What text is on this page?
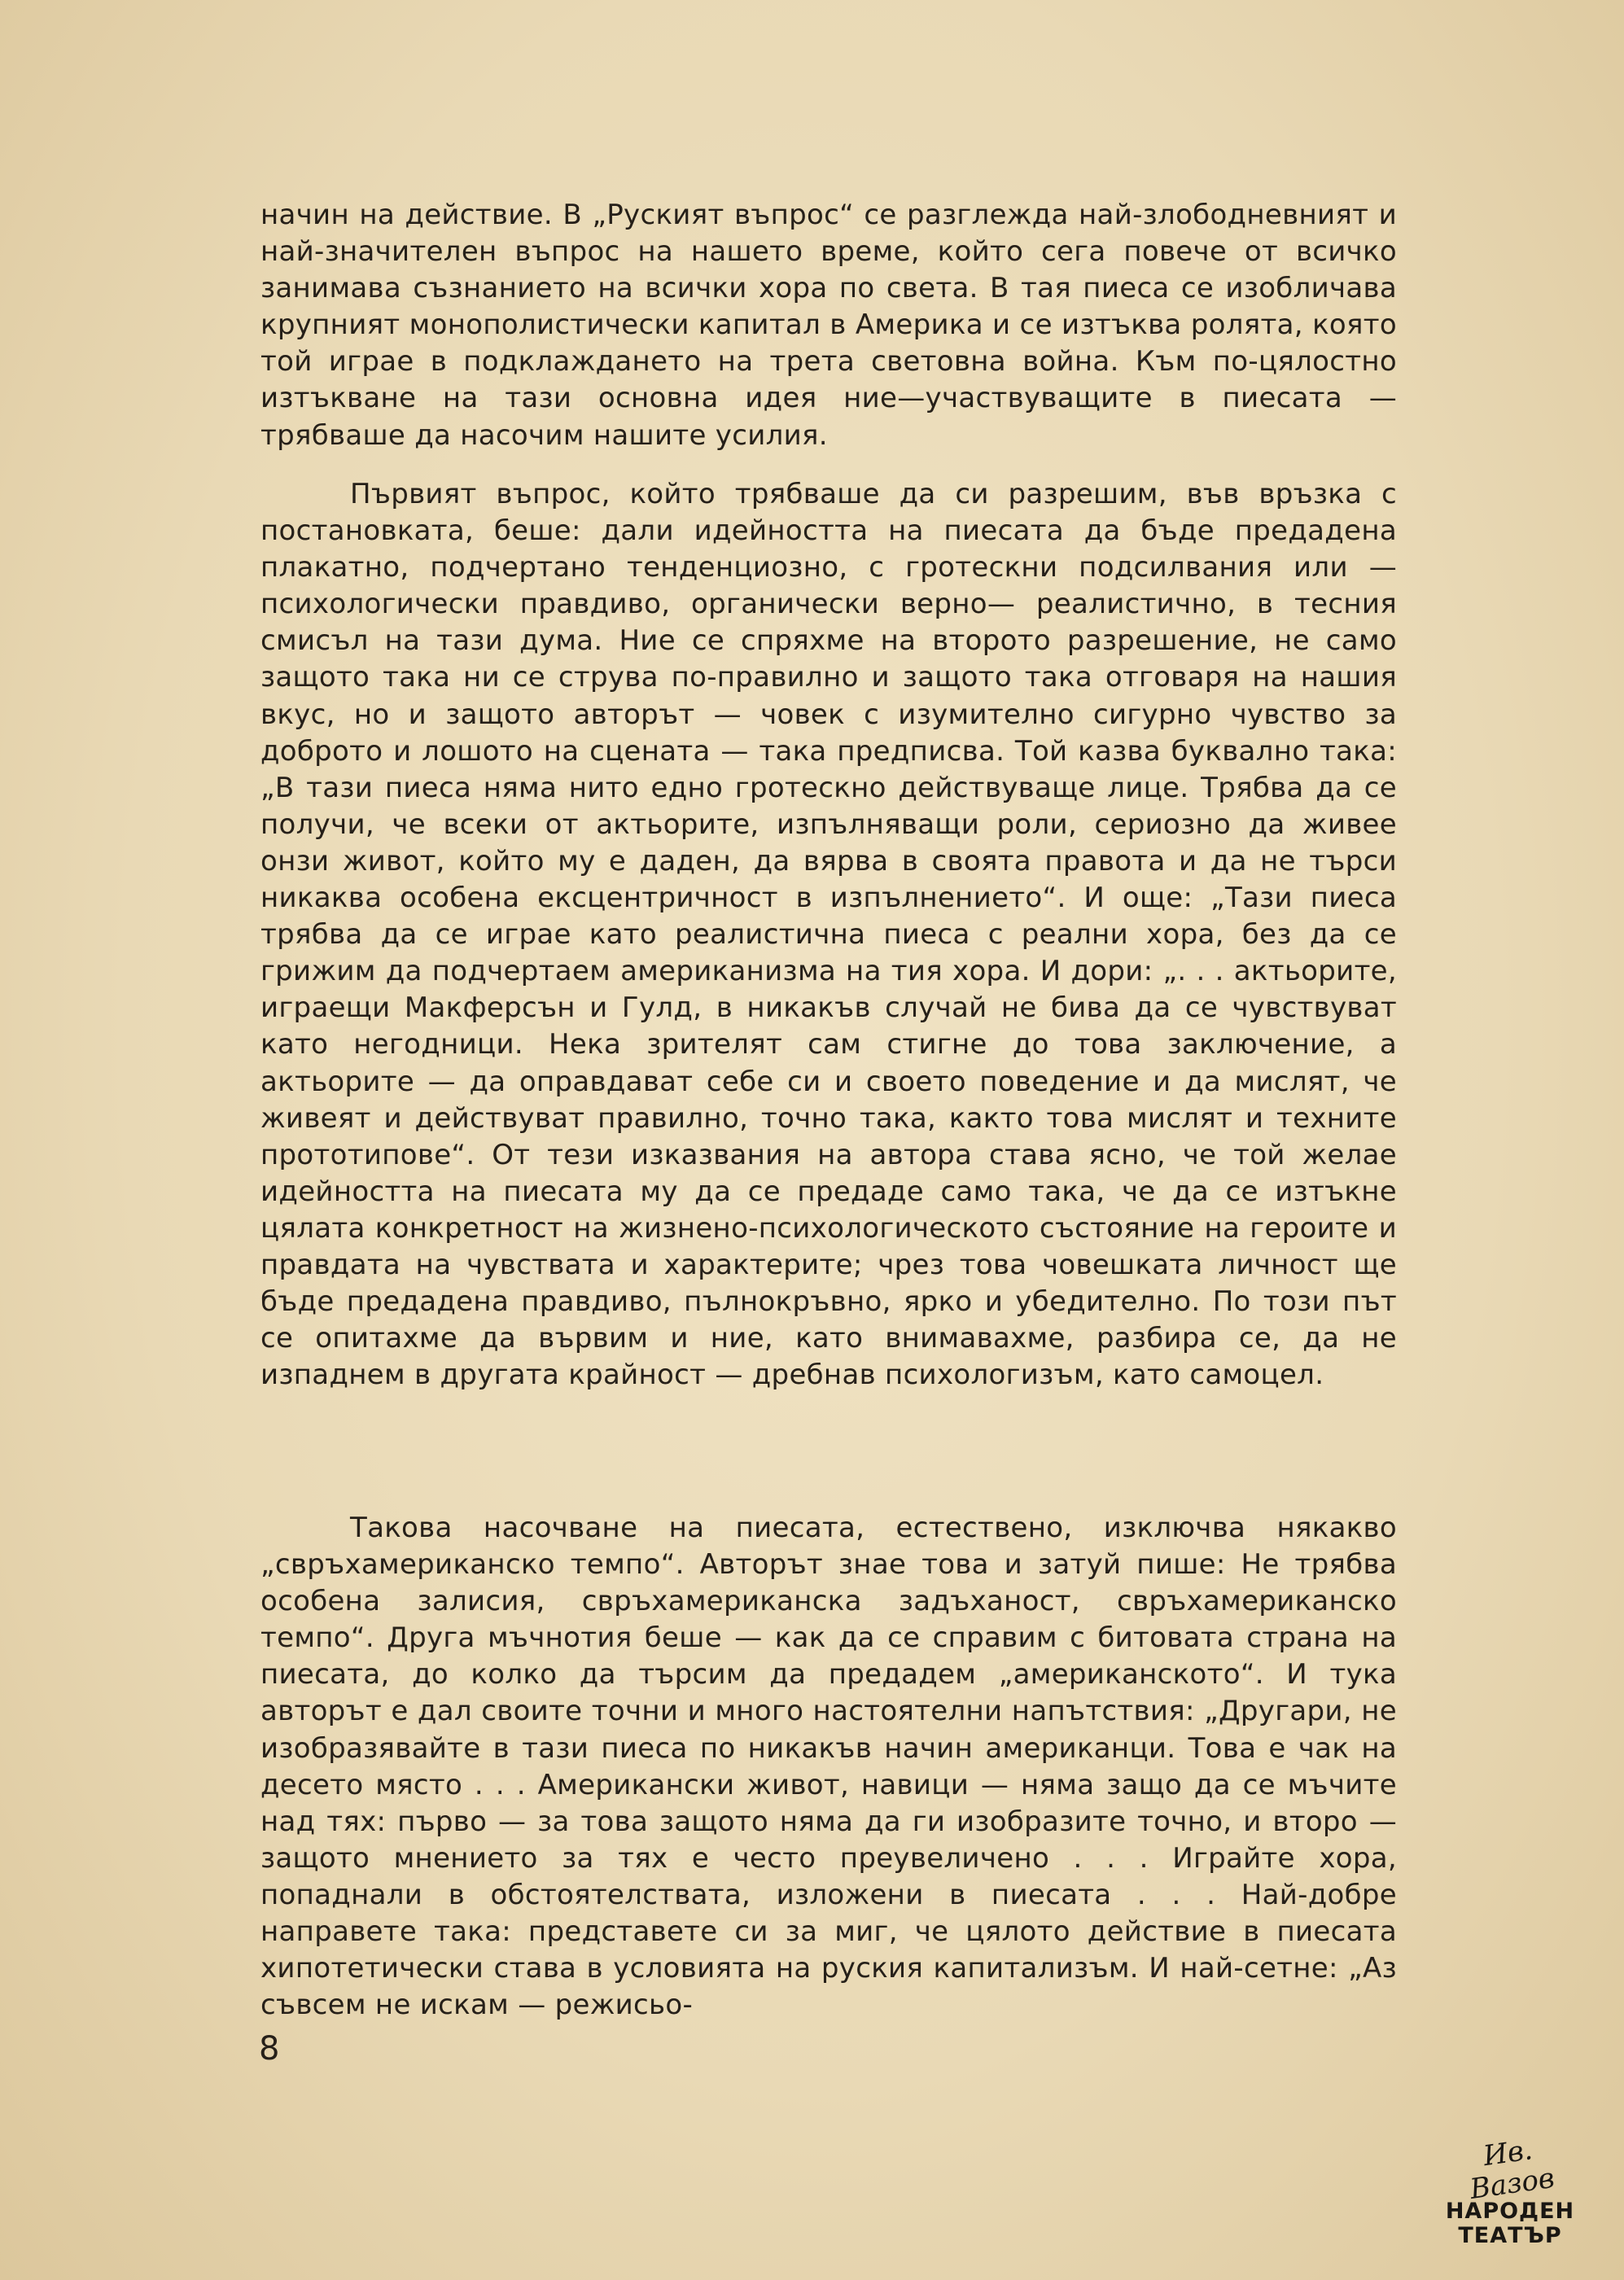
начин на действие. В „Руският въпрос“ се разглежда най-злободневният и най-значителен въпрос на нашето време, който сега повече от всичко занимава съзнанието на всички хора по света. В тая пиеса се изобличава крупният монополистически капитал в Америка и се изтъква ролята, която той играе в подклаждането на трета световна война. Към по-цялостно изтъкване на тази основна идея ние—участвуващите в пиесата — трябваше да насочим нашите усилия.

Първият въпрос, който трябваше да си разрешим, във връзка с постановката, беше: дали идейността на пиесата да бъде предадена плакатно, подчертано тенденциозно, с гротескни подсилвания или — психологически правдиво, органически верно— реалистично, в тесния смисъл на тази дума. Ние се спряхме на второто разрешение, не само защото така ни се струва по-правилно и защото така отговаря на нашия вкус, но и защото авторът — човек с изумително сигурно чувство за доброто и лошото на сцената — така предписва. Той казва буквално така: „В тази пиеса няма нито едно гротескно действуваще лице. Трябва да се получи, че всеки от актьорите, изпълняващи роли, сериозно да живее онзи живот, който му е даден, да вярва в своята правота и да не търси никаква особена ексцентричност в изпълнението“. И още: „Тази пиеса трябва да се играе като реалистична пиеса с реални хора, без да се грижим да подчертаем американизма на тия хора. И дори: „. . . актьорите, играещи Макферсън и Гулд, в никакъв случай не бива да се чувствуват като негодници. Нека зрителят сам стигне до това заключение, а актьорите — да оправдават себе си и своето поведение и да мислят, че живеят и действуват правилно, точно така, както това мислят и техните прототипове“. От тези изказвания на автора става ясно, че той желае идейността на пиесата му да се предаде само така, че да се изтъкне цялата конкретност на жизнено-психологическото състояние на героите и правдата на чувствата и характерите; чрез това човешката личност ще бъде предадена правдиво, пълнокръвно, ярко и убедително. По този път се опитахме да вървим и ние, като внимавахме, разбира се, да не изпаднем в другата крайност — дребнав психологизъм, като самоцел.

Такова насочване на пиесата, естествено, изключва някакво „свръхамериканско темпо“. Авторът знае това и затуй пише: Не трябва особена залисия, свръхамериканска задъханост, свръхамериканско темпо“. Друга мъчнотия беше — как да се справим с битовата страна на пиесата, до колко да търсим да предадем „американското“. И тука авторът е дал своите точни и много настоятелни напътствия: „Другари, не изобразявайте в тази пиеса по никакъв начин американци. Това е чак на десето място . . . Американски живот, навици — няма защо да се мъчите над тях: първо — за това защото няма да ги изобразите точно, и второ — защото мнението за тях е често преувеличено . . . Играйте хора, попаднали в обстоятелствата, изложени в пиесата . . . Най-добре направете така: представете си за миг, че цялото действие в пиесата хипотетически става в условията на руския капитализъм. И най-сетне: „Аз съвсем не искам — режисьо-

8
Ив. Вазов
НАРОДЕН
ТЕАТЪР
